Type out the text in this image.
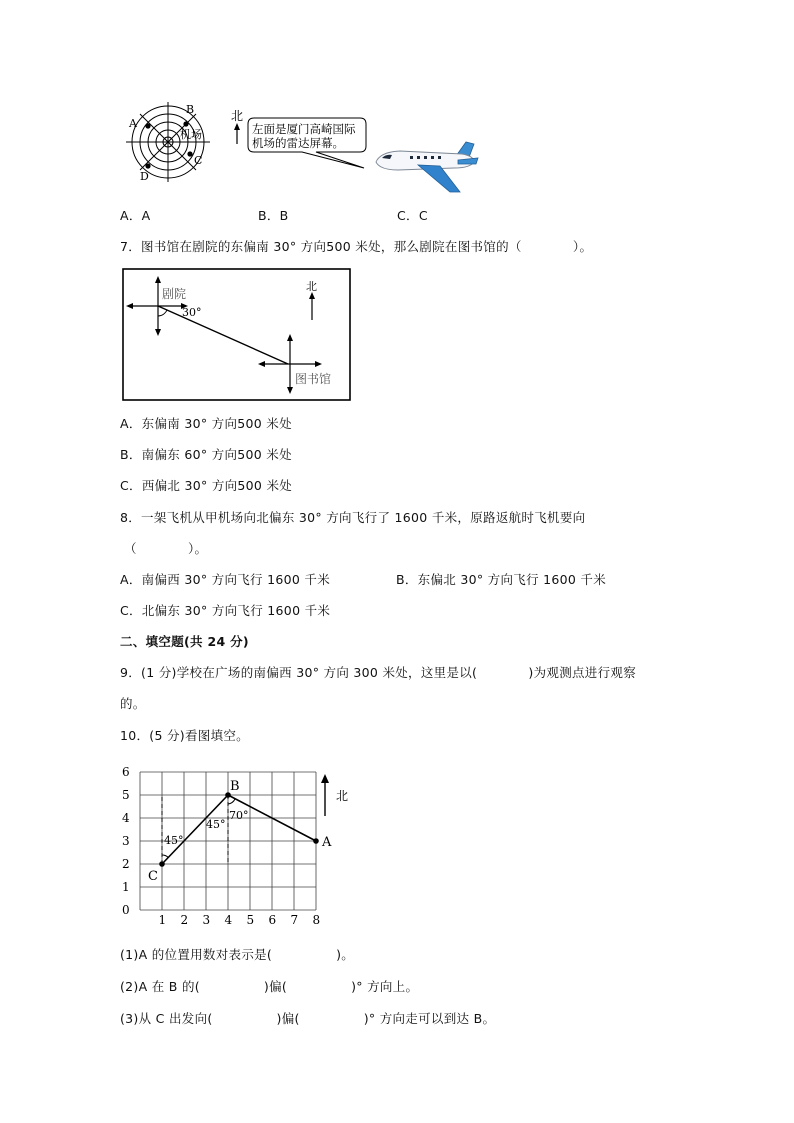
A
B
C
D
机场
北
左面是厦门高崎国际
机场的雷达屏幕。
A．A	B．B	C．C
7．图书馆在剧院的东偏南 30° 方向500 米处，那么剧院在图书馆的（　　　　）。
剧院
30°
北
图书馆
A．东偏南 30° 方向500 米处
B．南偏东 60° 方向500 米处
C．西偏北 30° 方向500 米处
8．一架飞机从甲机场向北偏东 30° 方向飞行了 1600 千米，原路返航时飞机要向
（　　　　）。
A．南偏西 30° 方向飞行 1600 千米	B．东偏北 30° 方向飞行 1600 千米
C．北偏东 30° 方向飞行 1600 千米
二、填空题(共 24 分)
9．(1 分)学校在广场的南偏西 30° 方向 300 米处，这里是以(　　　　)为观测点进行观察
的。
10．(5 分)看图填空。
1 2 3 4 5 6 7 8
0
1
2
3
4
5
6
A
B
C
45°
45°
70°
北
(1)A 的位置用数对表示是(　　　　　)。
(2)A 在 B 的(　　　　　)偏(　　　　　)° 方向上。
(3)从 C 出发向(　　　　　)偏(　　　　　)° 方向走可以到达 B。
